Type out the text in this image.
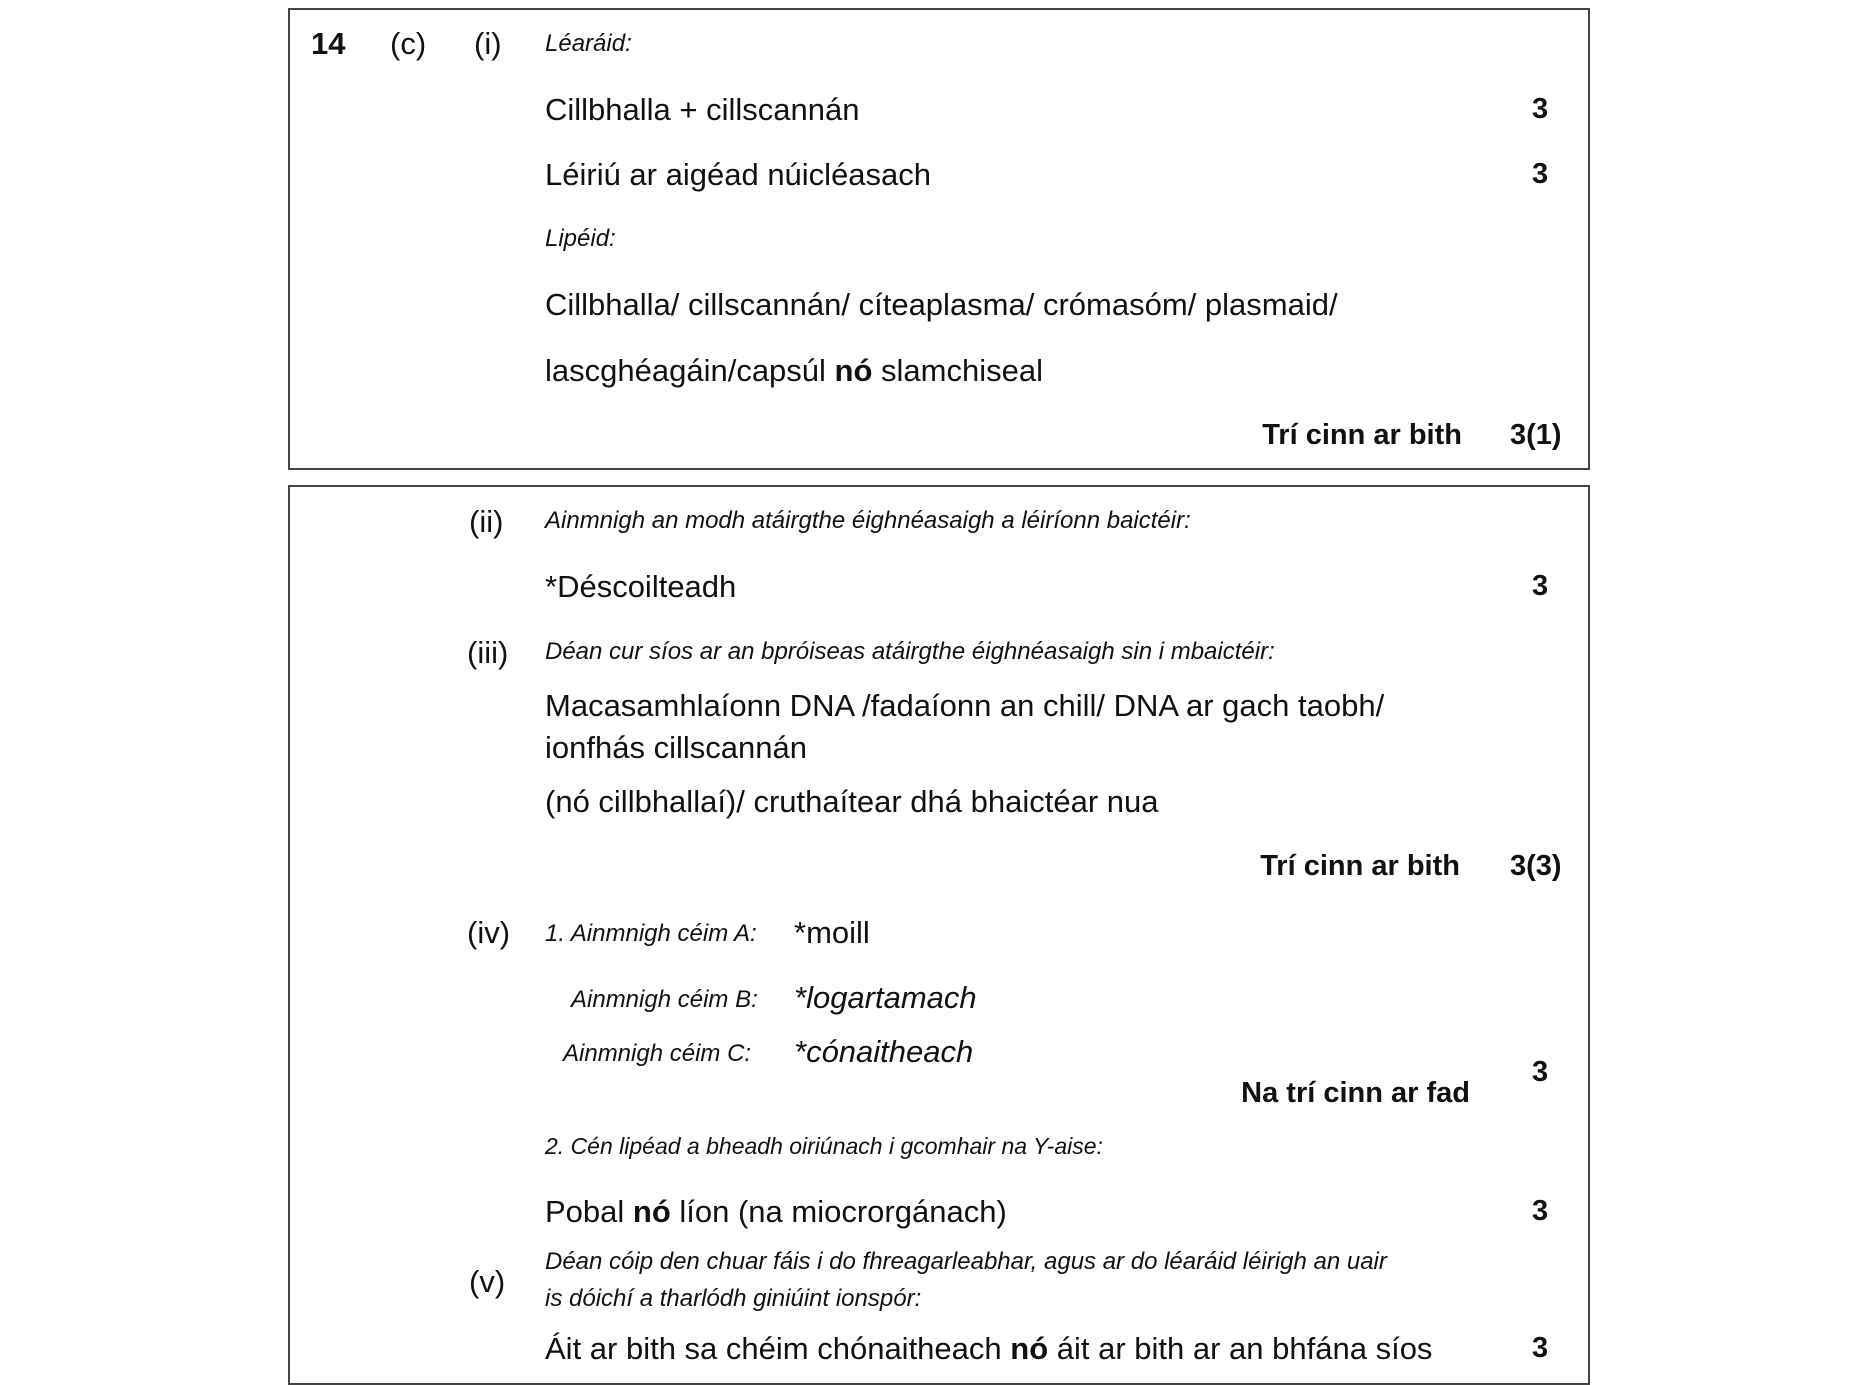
14 (c) (i) Léaráid:
Cillbhalla + cillscannán	3
Léiriú ar aigéad núicléasach	3
Lipéid:
Cillbhalla/ cillscannán/ cíteaplasma/ crómasóm/ plasmaid/
lascghéagáin/capsúl nó slamchiseal
Trí cinn ar bith 3(1)
(ii) Ainmnigh an modh atáirgthe éighnéasaigh a léiríonn baictéir:
*Déscoilteadh	3
(iii) Déan cur síos ar an bpróiseas atáirgthe éighnéasaigh sin i mbaictéir:
Macasamhlaíonn DNA /fadaíonn an chill/ DNA ar gach taobh/
ionfhás cillscannán
(nó cillbhallaí)/ cruthaítear dhá bhaictéar nua
Trí cinn ar bith 3(3)
(iv) 1. Ainmnigh céim A: *moill
Ainmnigh céim B: *logartamach
Ainmnigh céim C: *cónaitheach
Na trí cinn ar fad
3
2. Cén lipéad a bheadh oiriúnach i gcomhair na Y-aise:
Pobal nó líon (na miocrorgánach)	3
(v)
Déan cóip den chuar fáis i do fhreagarleabhar, agus ar do léaráid léirigh an uair
is dóichí a tharlódh giniúint ionspór:
Áit ar bith sa chéim chónaitheach nó áit ar bith ar an bhfána síos	3
